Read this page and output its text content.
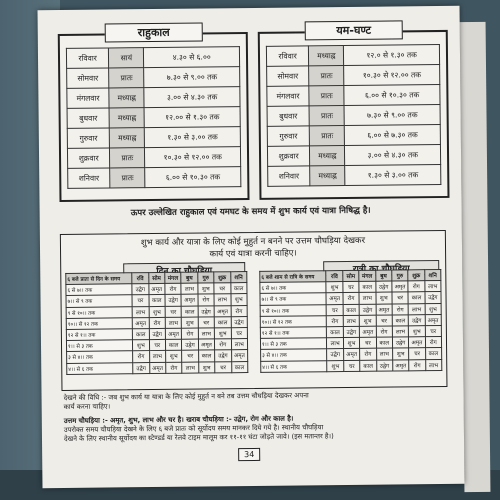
राहुकाल
रविवार	सायं	४.३० से ६.००
सोमवार	प्रातः	७.३० से ९.०० तक
मंगलवार	मध्याह्न	३.०० से ४.३० तक
बुधवार	मध्याह्न	१२.०० से १.३० तक
गुरुवार	मध्याह्न	१.३० से ३.०० तक
शुक्रवार	प्रातः	१०.३० से १२.०० तक
शनिवार	प्रातः	६.०० से १०.३० तक
यम-घण्ट
रविवार	मध्याह्न	१२.० से १.३० तक
सोमवार	प्रातः	१०.३० से १२.०० तक
मंगलवार	प्रातः	६.०० से १०.३० तक
बुधवार	प्रातः	७.३० से ९.०० तक
गुरुवार	प्रातः	६.०० से ७.३० तक
शुक्रवार	मध्याह्न	३.०० से ४.३० तक
शनिवार	मध्याह्न	१.३० से ३.०० तक
ऊपर उल्लेखित राहुकाल एवं यमघट के समय में शुभ कार्य एवं यात्रा निषिद्ध है।
शुभ कार्य और यात्रा के लिए कोई मुहुर्त न बनने पर उत्तम चौघड़िया देखकर
कार्य एवं यात्रा करनी चाहिए।
६ बजे प्रातः से दिन के समय	रवि	सोम	मंगल	बुध	गुरु	शुक्र	शनि
६ से ७।। तक	उद्वेग	अमृत	रोग	लाभ	शुभ	चर	काल
७।। से ९ तक	चर	काल	उद्वेग	अमृत	रोग	लाभ	शुभ
९ से १०।। तक	लाभ	शुभ	चर	काल	उद्वेग	अमृत	रोग
१०।। से १२ तक	अमृत	रोग	लाभ	शुभ	चर	काल	उद्वेग
१२ से १।। तक	काल	उद्वेग	अमृत	रोग	लाभ	शुभ	चर
१।। से ३ तक	शुभ	चर	काल	उद्वेग	अमृत	रोग	लाभ
३ से ४।। तक	रोग	लाभ	शुभ	चर	काल	उद्वेग	अमृत
४।। से ६ तक	उद्वेग	अमृत	रोग	लाभ	शुभ	चर	काल
६ बजे शाम से रात्रि के समय	रवि	सोम	मंगल	बुध	गुरु	शुक्र	शनि
६ से ७।। तक	शुभ	चर	काल	उद्वेग	अमृत	रोग	लाभ
७।। से ९ तक	अमृत	रोग	लाभ	शुभ	चर	काल	उद्वेग
९ से १०।। तक	चर	काल	उद्वेग	अमृत	रोग	लाभ	शुभ
१०।। से १२ तक	रोग	लाभ	शुभ	चर	काल	उद्वेग	अमृत
१२ से १।। तक	काल	उद्वेग	अमृत	रोग	लाभ	शुभ	चर
१।। से ३ तक	लाभ	शुभ	चर	काल	उद्वेग	अमृत	रोग
३ से ४।। तक	उद्वेग	अमृत	रोग	लाभ	शुभ	चर	काल
४।। से ६ तक	शुभ	चर	काल	उद्वेग	अमृत	रोग	लाभ
देखने की विधि :- जब शुभ कार्य या यात्रा के लिए कोई मुहुर्त न बने तब उत्तम चौघड़िया देखकर अपना
कार्य करना चाहिए।
उत्तम चौघड़िया :- अमृत, शुभ, लाभ और चर है। खराब चौघड़िया :- उद्वेग, रोग और काल है।
उपरोक्त समय चौघड़िया देखने के लिए ६ बजे प्रातः को सूर्योदय समय मानकर दिये गये है। स्थानीय चौघड़िया
देखने के लिए स्थानीय सूर्योदय का स्टेण्डर्ड या रेलवे टाइम मालूम कर ११-११ घंटा जोड़ते जावे। (इस मतान्तर है।)
34
